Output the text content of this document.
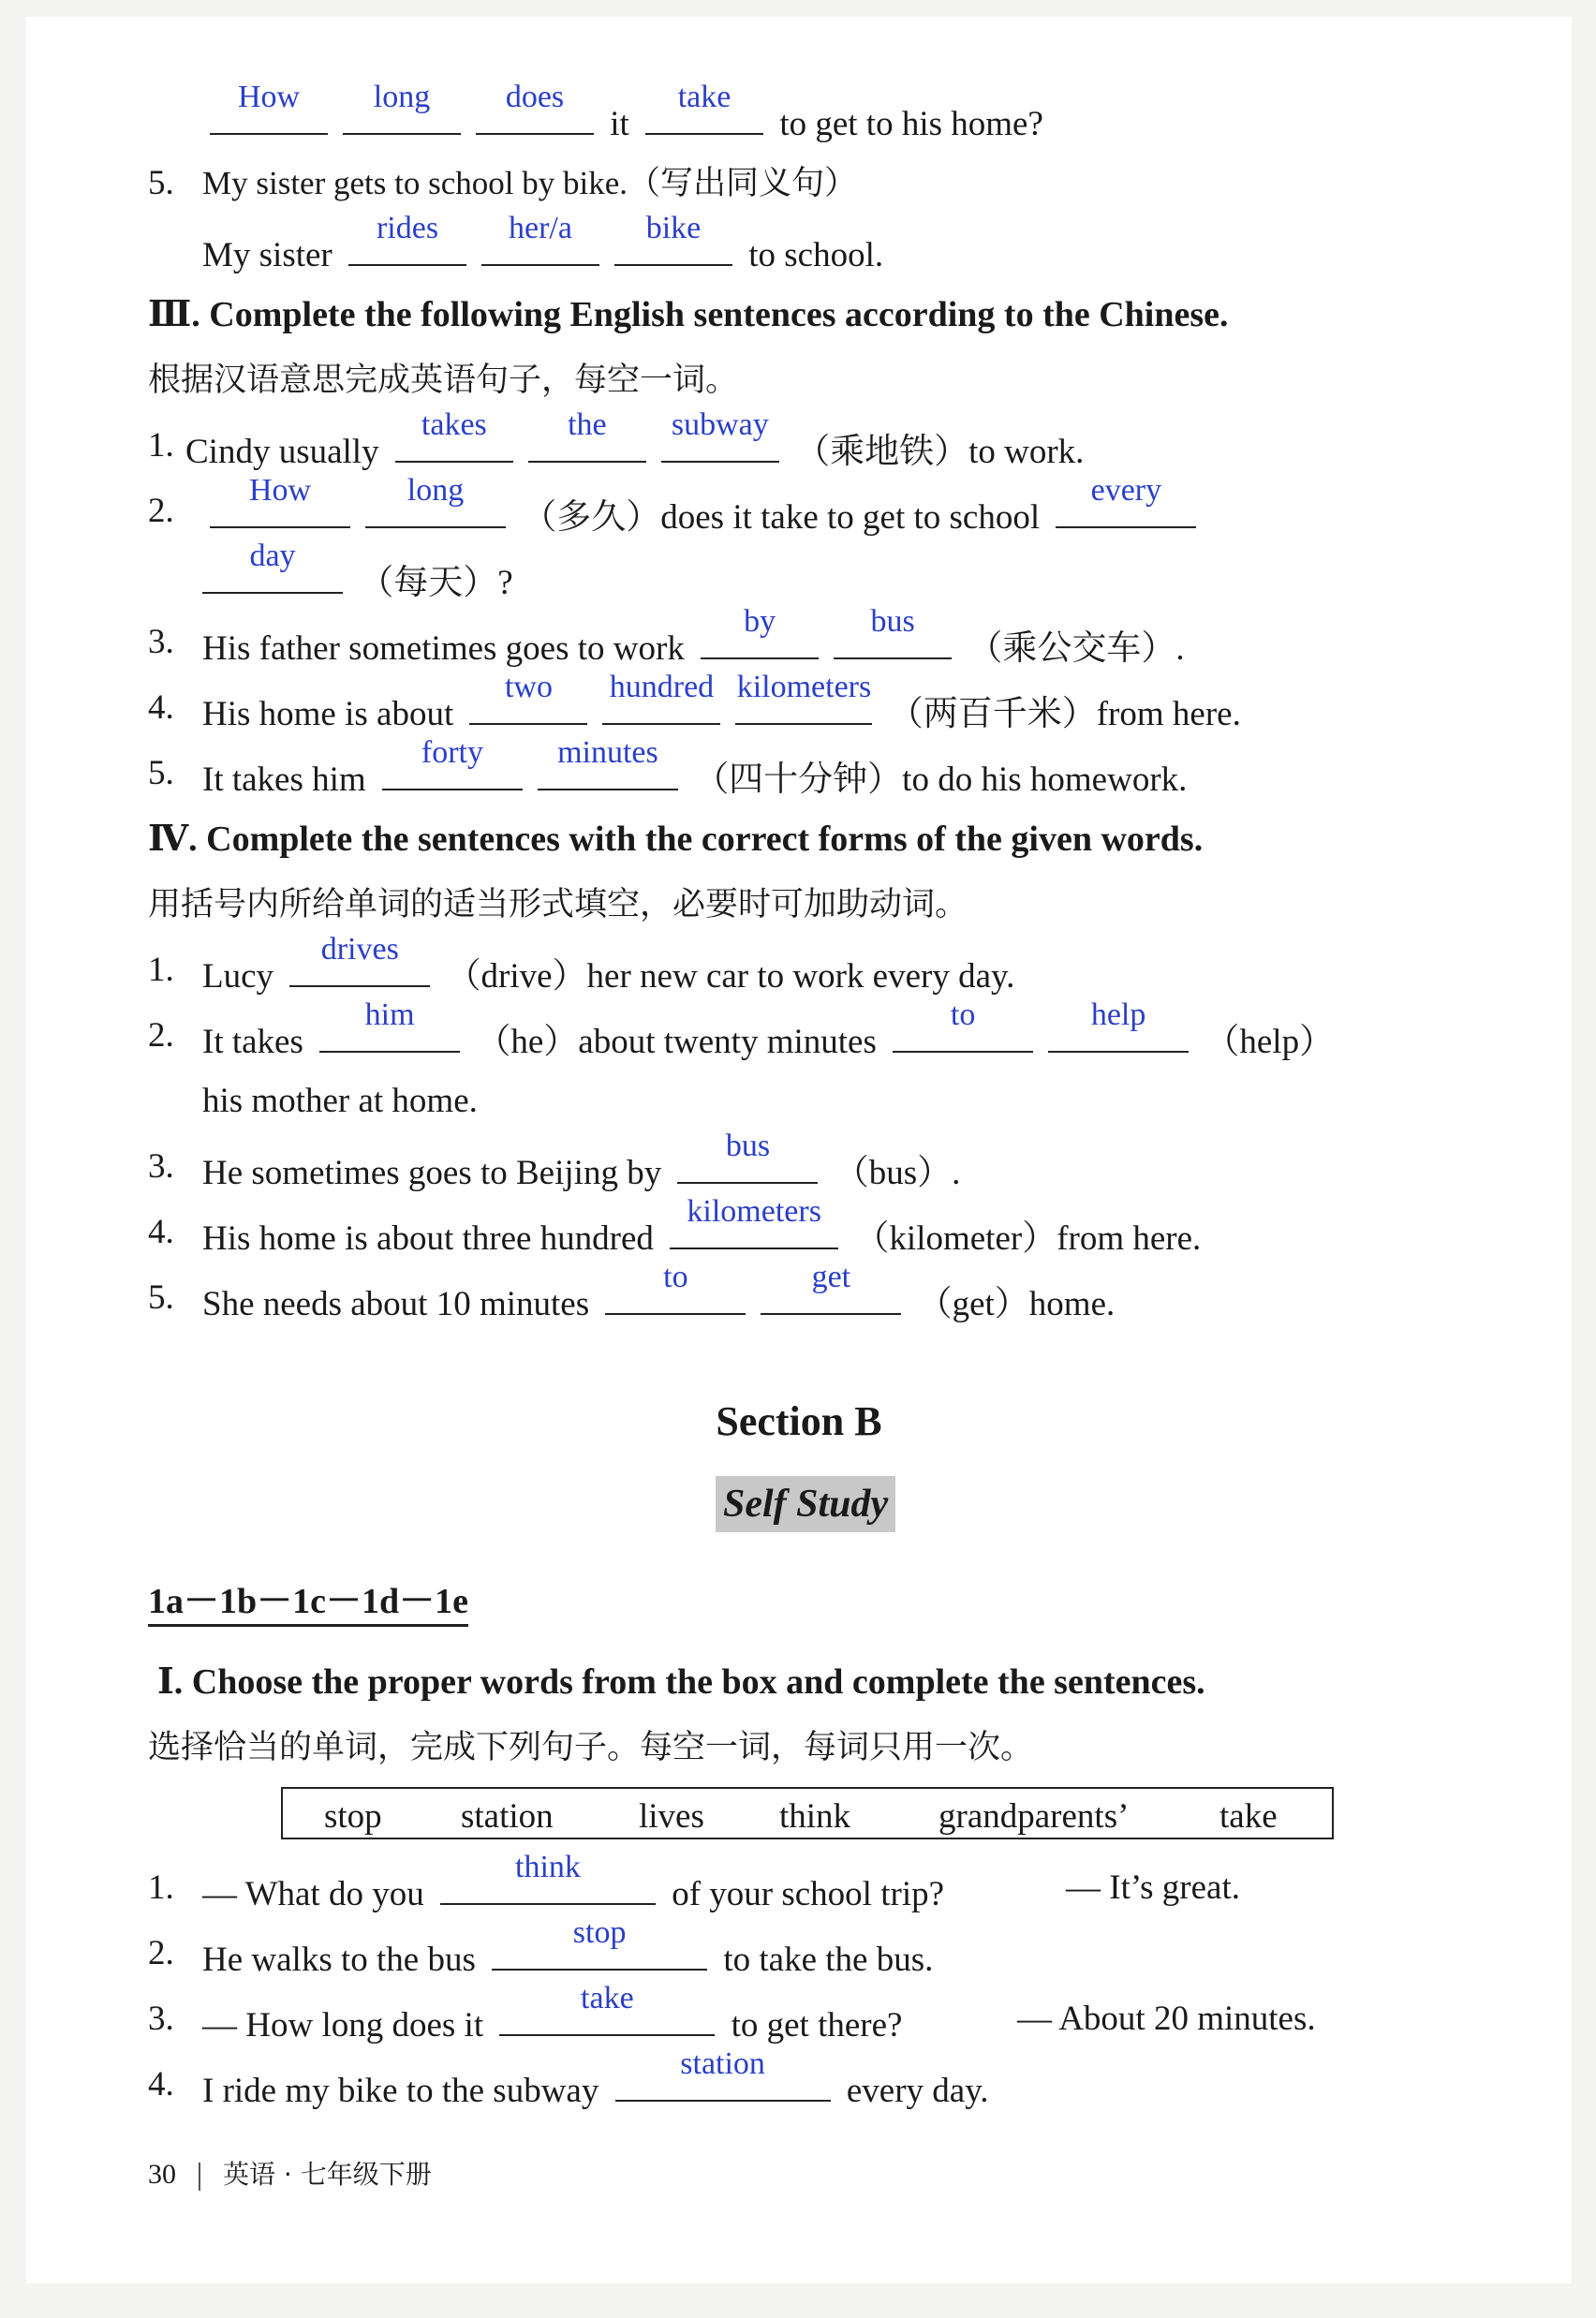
How	long	does
it
take
to get to his home?
5. My sister gets to school by bike.（写出同义句）
My sister
rides	her/a	bike
to school.
Ⅲ. Complete the following English sentences according to the Chinese.
根据汉语意思完成英语句子，每空一词。
1. Cindy usually
takes	the	subway
（乘地铁）to work.
2.
How	long
（多久）does it take to get to school
every
day
（每天）?
3. His father sometimes goes to work
by	bus
（乘公交车）.
4. His home is about
two	hundred kilometers
（两百千米）from here.
5. It takes him
forty	minutes
（四十分钟）to do his homework.
Ⅳ. Complete the sentences with the correct forms of the given words.
用括号内所给单词的适当形式填空，必要时可加助动词。
1. Lucy
drives
（drive）her new car to work every day.
2. It takes
him
（he）about twenty minutes
to	help
（help）
his mother at home.
3. He sometimes goes to Beijing by
bus
（bus）.
4. His home is about three hundred
kilometers
（kilometer）from here.
5. She needs about 10 minutes
to	get
（get）home.
Section B
Self Study
1a－1b－1c－1d－1e
Ⅰ. Choose the proper words from the box and complete the sentences.
选择恰当的单词，完成下列句子。每空一词，每词只用一次。
stop station lives think	grandparents’	take
1. — What do you
think
of your school trip?	— It’s great.
2. He walks to the bus
stop
to take the bus.
3. — How long does it
take
to get there?	— About 20 minutes.
4. I ride my bike to the subway
station
every day.
30 英语 · 七年级下册
